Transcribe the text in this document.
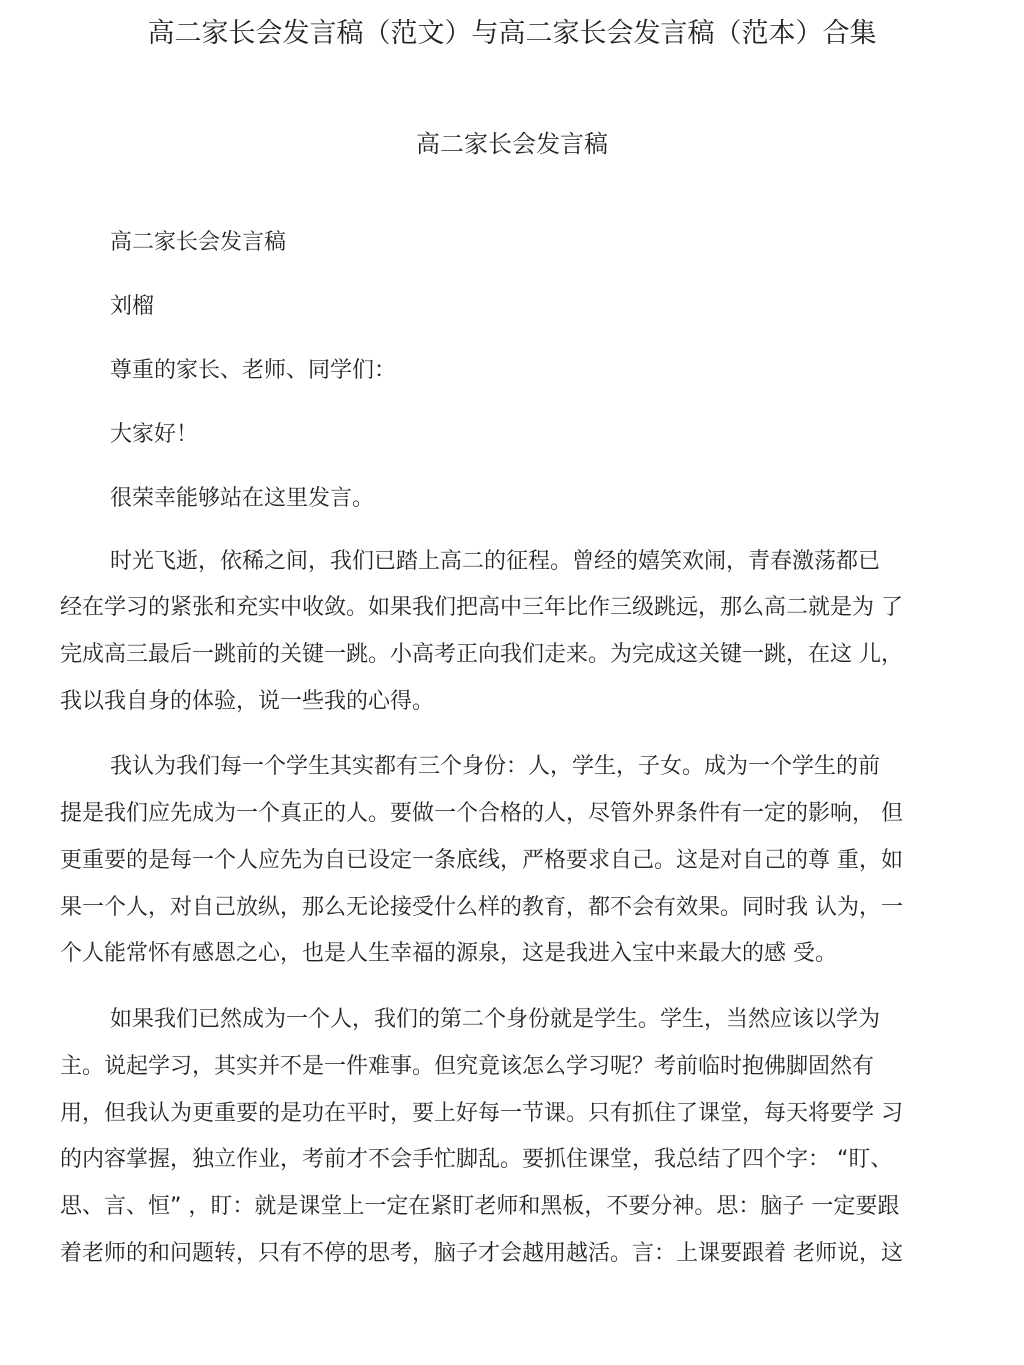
高二家长会发言稿（范文）与高二家长会发言稿（范本）合集
高二家长会发言稿
高二家长会发言稿
刘榴
尊重的家长、老师、同学们：
大家好！
很荣幸能够站在这里发言。
时光飞逝，依稀之间，我们已踏上高二的征程。曾经的嬉笑欢闹，青春激荡都已
经在学习的紧张和充实中收敛。如果我们把高中三年比作三级跳远，那么高二就是为 了
完成高三最后一跳前的关键一跳。小高考正向我们走来。为完成这关键一跳，在这 儿，
我以我自身的体验，说一些我的心得。
我认为我们每一个学生其实都有三个身份：人，学生，子女。成为一个学生的前
提是我们应先成为一个真正的人。要做一个合格的人，尽管外界条件有一定的影响， 但
更重要的是每一个人应先为自已设定一条底线，严格要求自己。这是对自己的尊 重，如
果一个人，对自己放纵，那么无论接受什么样的教育，都不会有效果。同时我 认为，一
个人能常怀有感恩之心，也是人生幸福的源泉，这是我进入宝中来最大的感 受。
如果我们已然成为一个人，我们的第二个身份就是学生。学生，当然应该以学为
主。说起学习，其实并不是一件难事。但究竟该怎么学习呢？考前临时抱佛脚固然有
用，但我认为更重要的是功在平时，要上好每一节课。只有抓住了课堂，每天将要学 习
的内容掌握，独立作业，考前才不会手忙脚乱。要抓住课堂，我总结了四个字： “盯、
思、言、恒” ，盯：就是课堂上一定在紧盯老师和黑板，不要分神。思：脑子 一定要跟
着老师的和问题转，只有不停的思考，脑子才会越用越活。言：上课要跟着 老师说，这
